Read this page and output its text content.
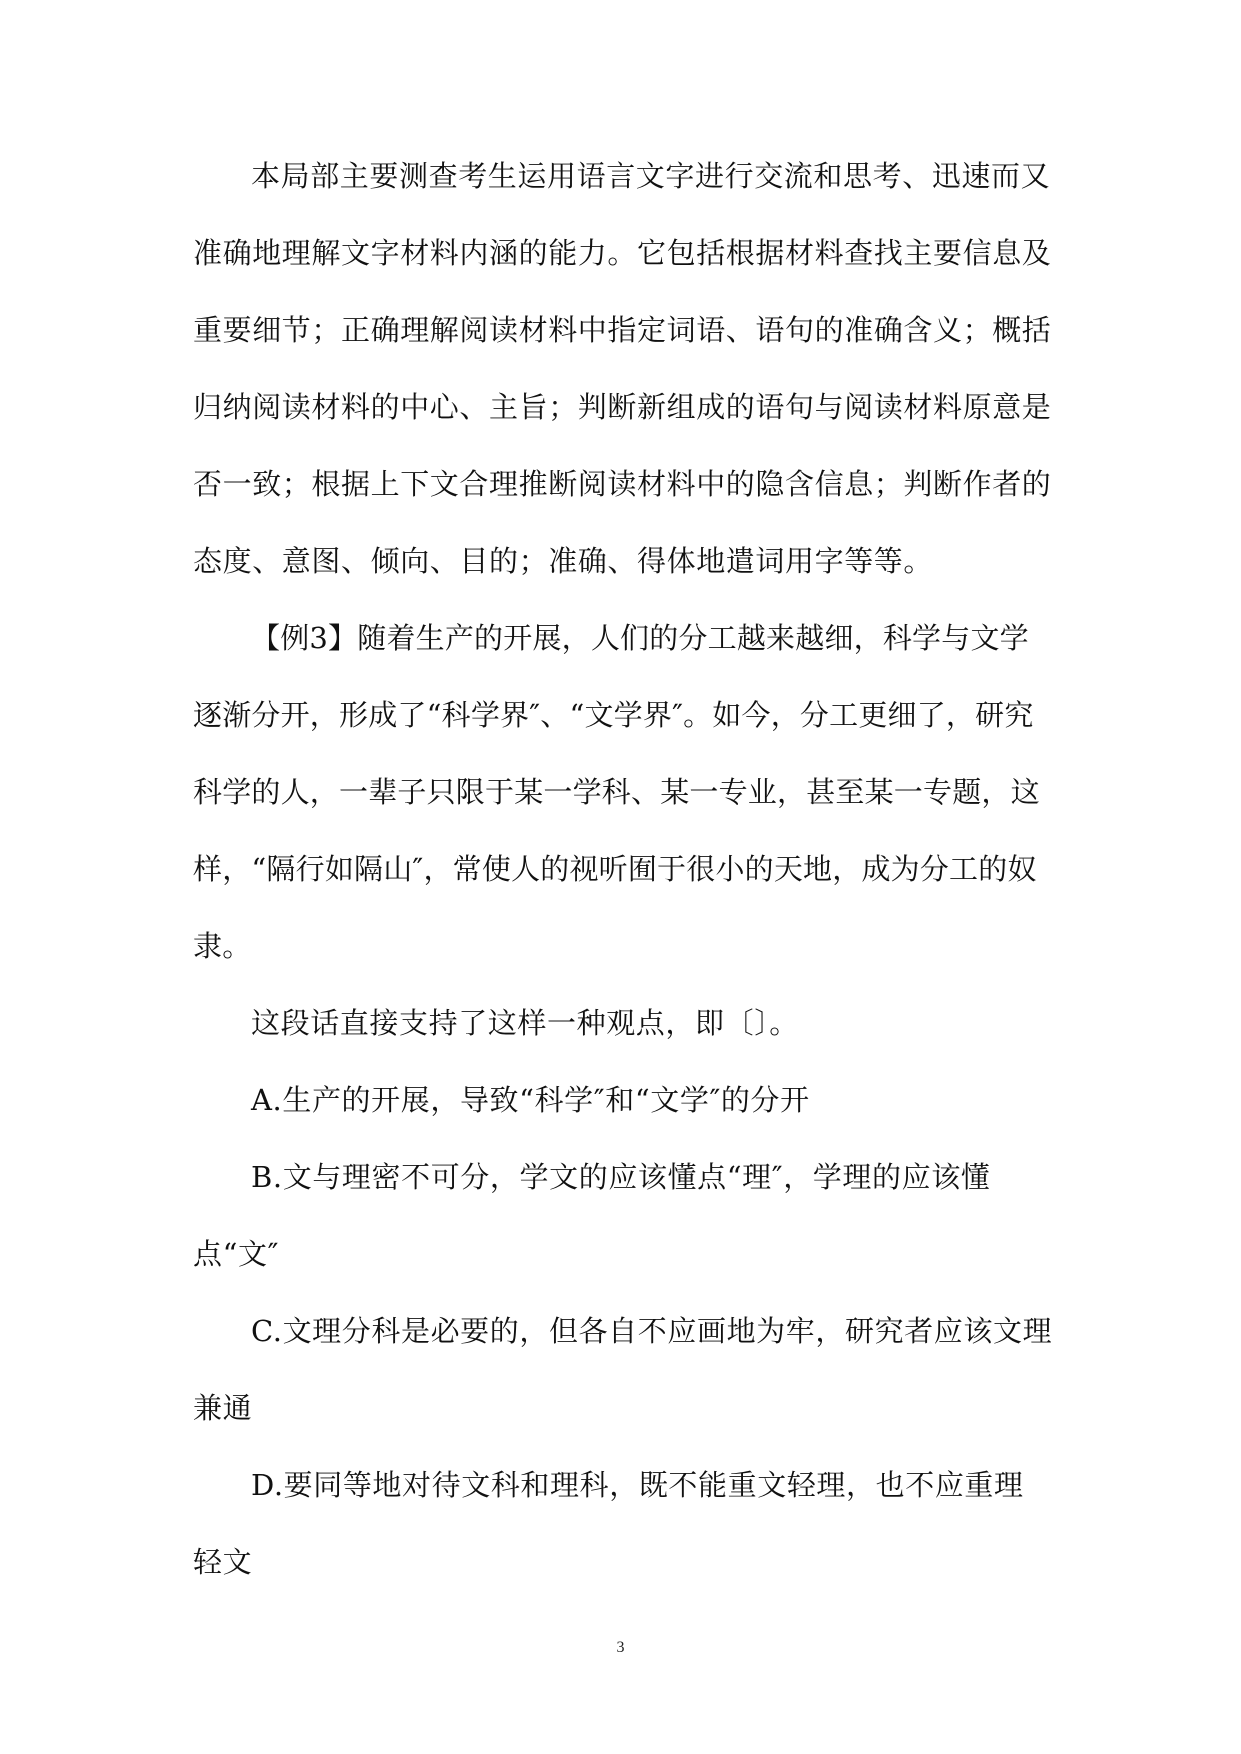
本局部主要测查考生运用语言文字进行交流和思考、迅速而又准确地理解文字材料内涵的能力。它包括根据材料查找主要信息及重要细节；正确理解阅读材料中指定词语、语句的准确含义；概括归纳阅读材料的中心、主旨；判断新组成的语句与阅读材料原意是否一致；根据上下文合理推断阅读材料中的隐含信息；判断作者的态度、意图、倾向、目的；准确、得体地遣词用字等等。

【例3】随着生产的开展，人们的分工越来越细，科学与文学逐渐分开，形成了“科学界″、“文学界″。如今，分工更细了，研究科学的人，一辈子只限于某一学科、某一专业，甚至某一专题，这样，“隔行如隔山″，常使人的视听囿于很小的天地，成为分工的奴隶。

这段话直接支持了这样一种观点，即〔〕。

A.生产的开展，导致“科学″和“文学″的分开

B.文与理密不可分，学文的应该懂点“理″，学理的应该懂点“文″

C.文理分科是必要的，但各自不应画地为牢，研究者应该文理兼通

D.要同等地对待文科和理科，既不能重文轻理，也不应重理轻文

3
